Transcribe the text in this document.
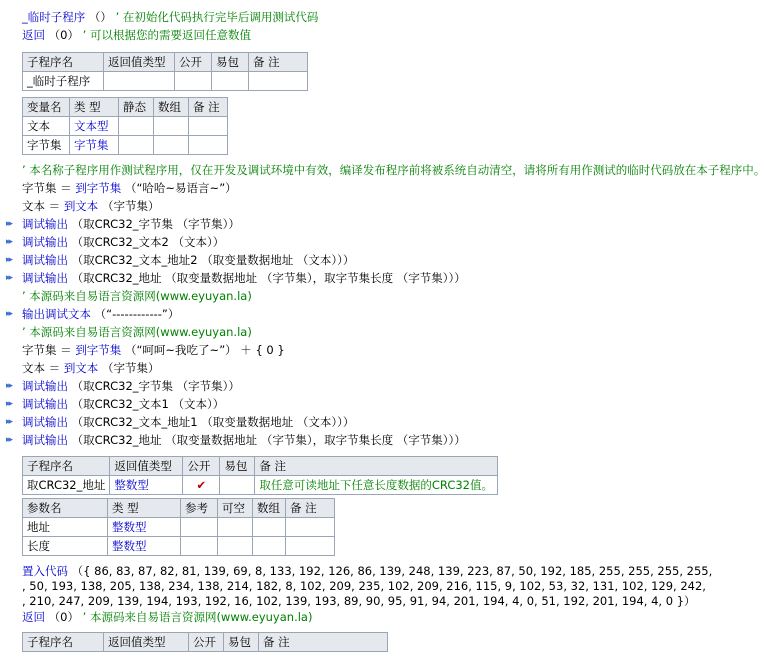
_临时子程序 （） ’ 在初始化代码执行完毕后调用测试代码
返回 （0） ’ 可以根据您的需要返回任意数值
子程序名	返回值类型	公开	易包	备 注
_临时子程序				
变量名	类 型	静态	数组	备 注
文本	文本型			
字节集	字节集			
’ 本名称子程序用作测试程序用，仅在开发及调试环境中有效，编译发布程序前将被系统自动清空，请将所有用作测试的临时代码放在本子程序中。
字节集 ＝ 到字节集 （“哈哈~易语言~”）
文本 ＝ 到文本 （字节集）
▸▸ 调试输出 （取CRC32_字节集 （字节集））
▸▸ 调试输出 （取CRC32_文本2 （文本））
▸▸ 调试输出 （取CRC32_文本_地址2 （取变量数据地址 （文本）））
▸▸ 调试输出 （取CRC32_地址 （取变量数据地址 （字节集），取字节集长度 （字节集）））
’ 本源码来自易语言资源网(www.eyuyan.la)
▸▸ 输出调试文本 （“------------”）
’ 本源码来自易语言资源网(www.eyuyan.la)
字节集 ＝ 到字节集 （“呵呵~我吃了~”） ＋ { 0 }
文本 ＝ 到文本 （字节集）
▸▸ 调试输出 （取CRC32_字节集 （字节集））
▸▸ 调试输出 （取CRC32_文本1 （文本））
▸▸ 调试输出 （取CRC32_文本_地址1 （取变量数据地址 （文本）））
▸▸ 调试输出 （取CRC32_地址 （取变量数据地址 （字节集），取字节集长度 （字节集）））
子程序名	返回值类型	公开	易包	备 注
取CRC32_地址	整数型	✔		取任意可读地址下任意长度数据的CRC32值。
参数名	类 型	参考	可空	数组	备 注
地址	整数型				
长度	整数型				
置入代码 （{ 86, 83, 87, 82, 81, 139, 69, 8, 133, 192, 126, 86, 139, 248, 139, 223, 87, 50, 192, 185, 255, 255, 255, 255,
, 50, 193, 138, 205, 138, 234, 138, 214, 182, 8, 102, 209, 235, 102, 209, 216, 115, 9, 102, 53, 32, 131, 102, 129, 242,
, 210, 247, 209, 139, 194, 193, 192, 16, 102, 139, 193, 89, 90, 95, 91, 94, 201, 194, 4, 0, 51, 192, 201, 194, 4, 0 }）
返回 （0） ’ 本源码来自易语言资源网(www.eyuyan.la)
子程序名	返回值类型	公开	易包	备 注
